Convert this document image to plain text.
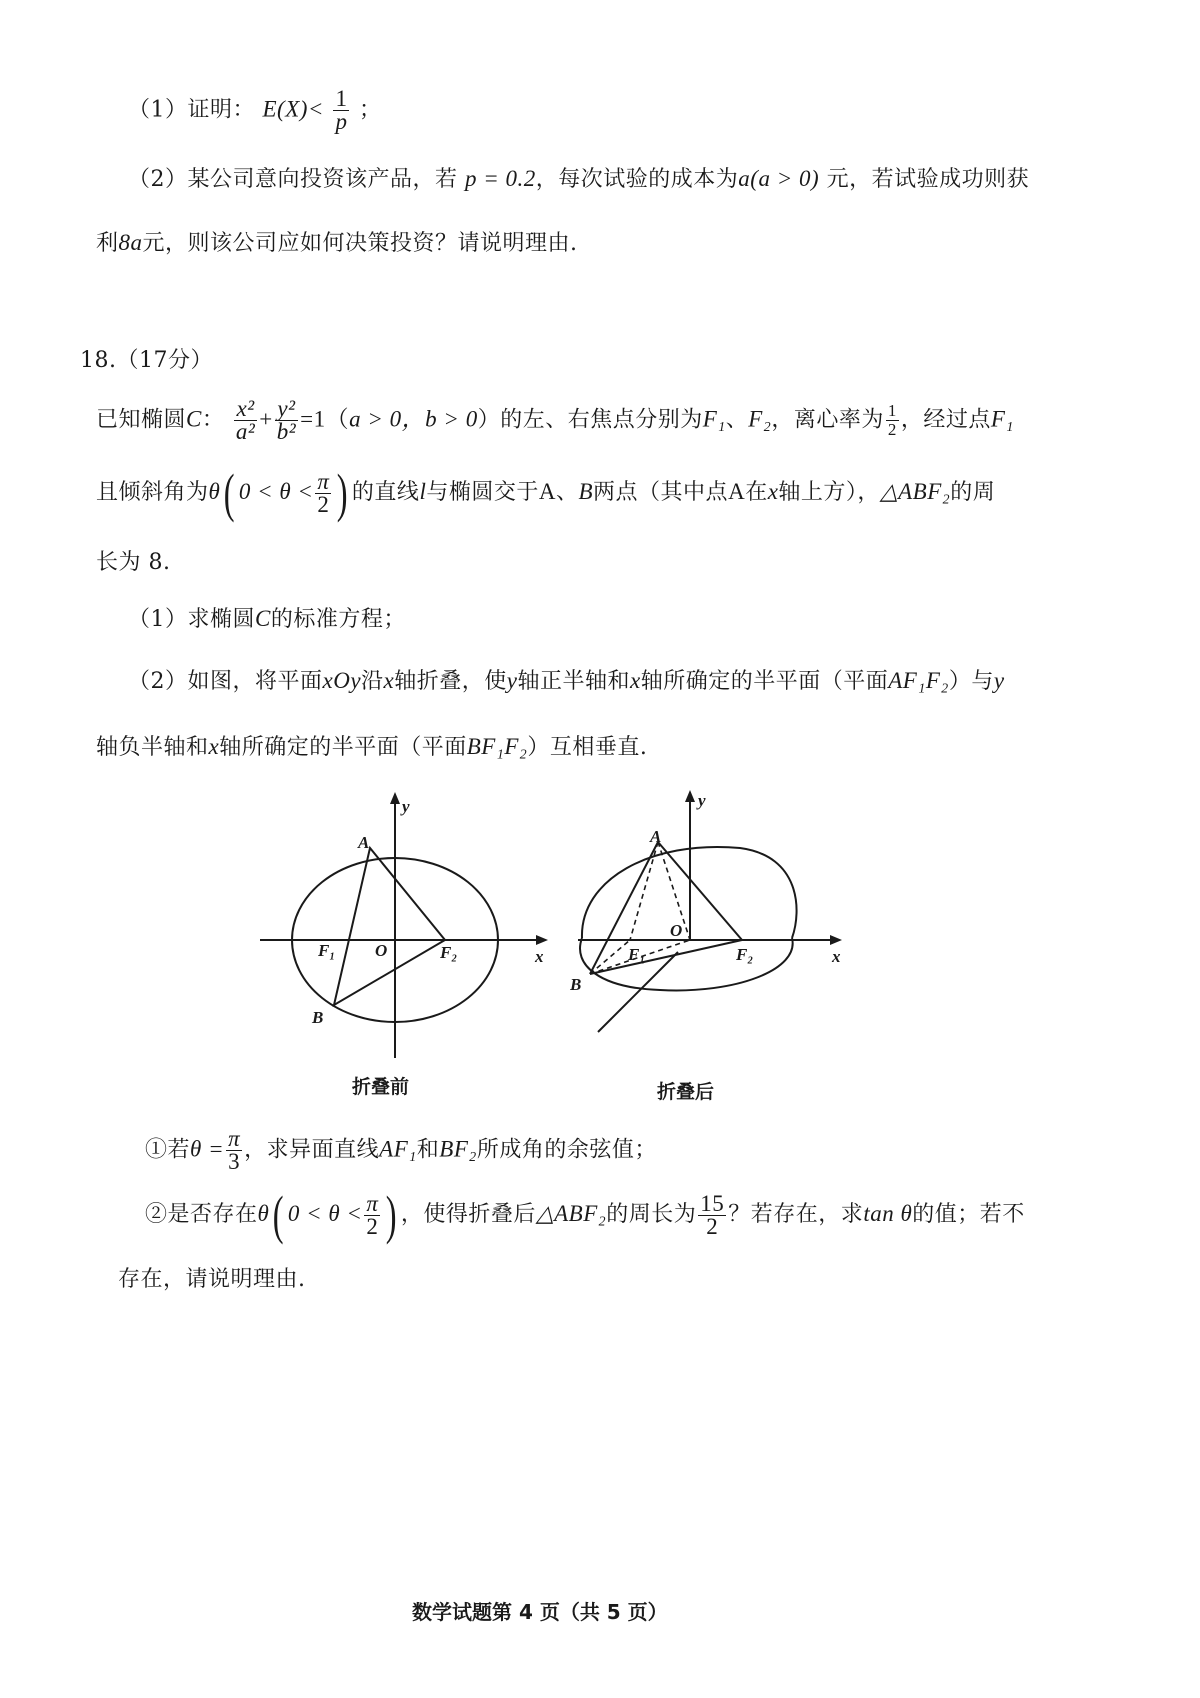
（1）证明： $E(X)< \frac{1}{p}$ ；
（2）某公司意向投资该产品，若 p = 0.2，每次试验的成本为a(a > 0) 元，若试验成功则获
利8a元，则该公司应如何决策投资？请说明理由.
18.（17分）
已知椭圆C： $\frac{\text{x²}}{\text{a²}} + \frac{\text{y²}}{\text{b²}} =1(a > 0$，b > 0）的左、右焦点分别为F₁、F₂，离心率为 $\frac{1}{2}$ ，经过点F₁
且倾斜角为θ( $0 < \theta < \frac{\pi}{2}$ ) 的直线l与椭圆交于A、B两点（其中点A在x轴上方），△ABF₂的周
长为 8.
（1）求椭圆C的标准方程；
（2）如图，将平面xOy沿x轴折叠，使y轴正半轴和x轴所确定的半平面（平面AF₁F₂）与y
轴负半轴和x轴所确定的半平面（平面BF₁F₂）互相垂直.
y
x
A
B
F₁ O	F₂
折叠前
y
x
A
B
F₁
O
F₂
折叠后
①若$\theta = \frac{\pi}{3}$ ，求异面直线AF₁和BF₂所成角的余弦值；
②是否存在θ( $0 < \theta < \frac{\pi}{2}$ ) ，使得折叠后△ABF₂的周长为 $\frac{15}{2}$ ？若存在，求tan θ的值；若不
存在，请说明理由.
数学试题第 4 页（共 5 页）
